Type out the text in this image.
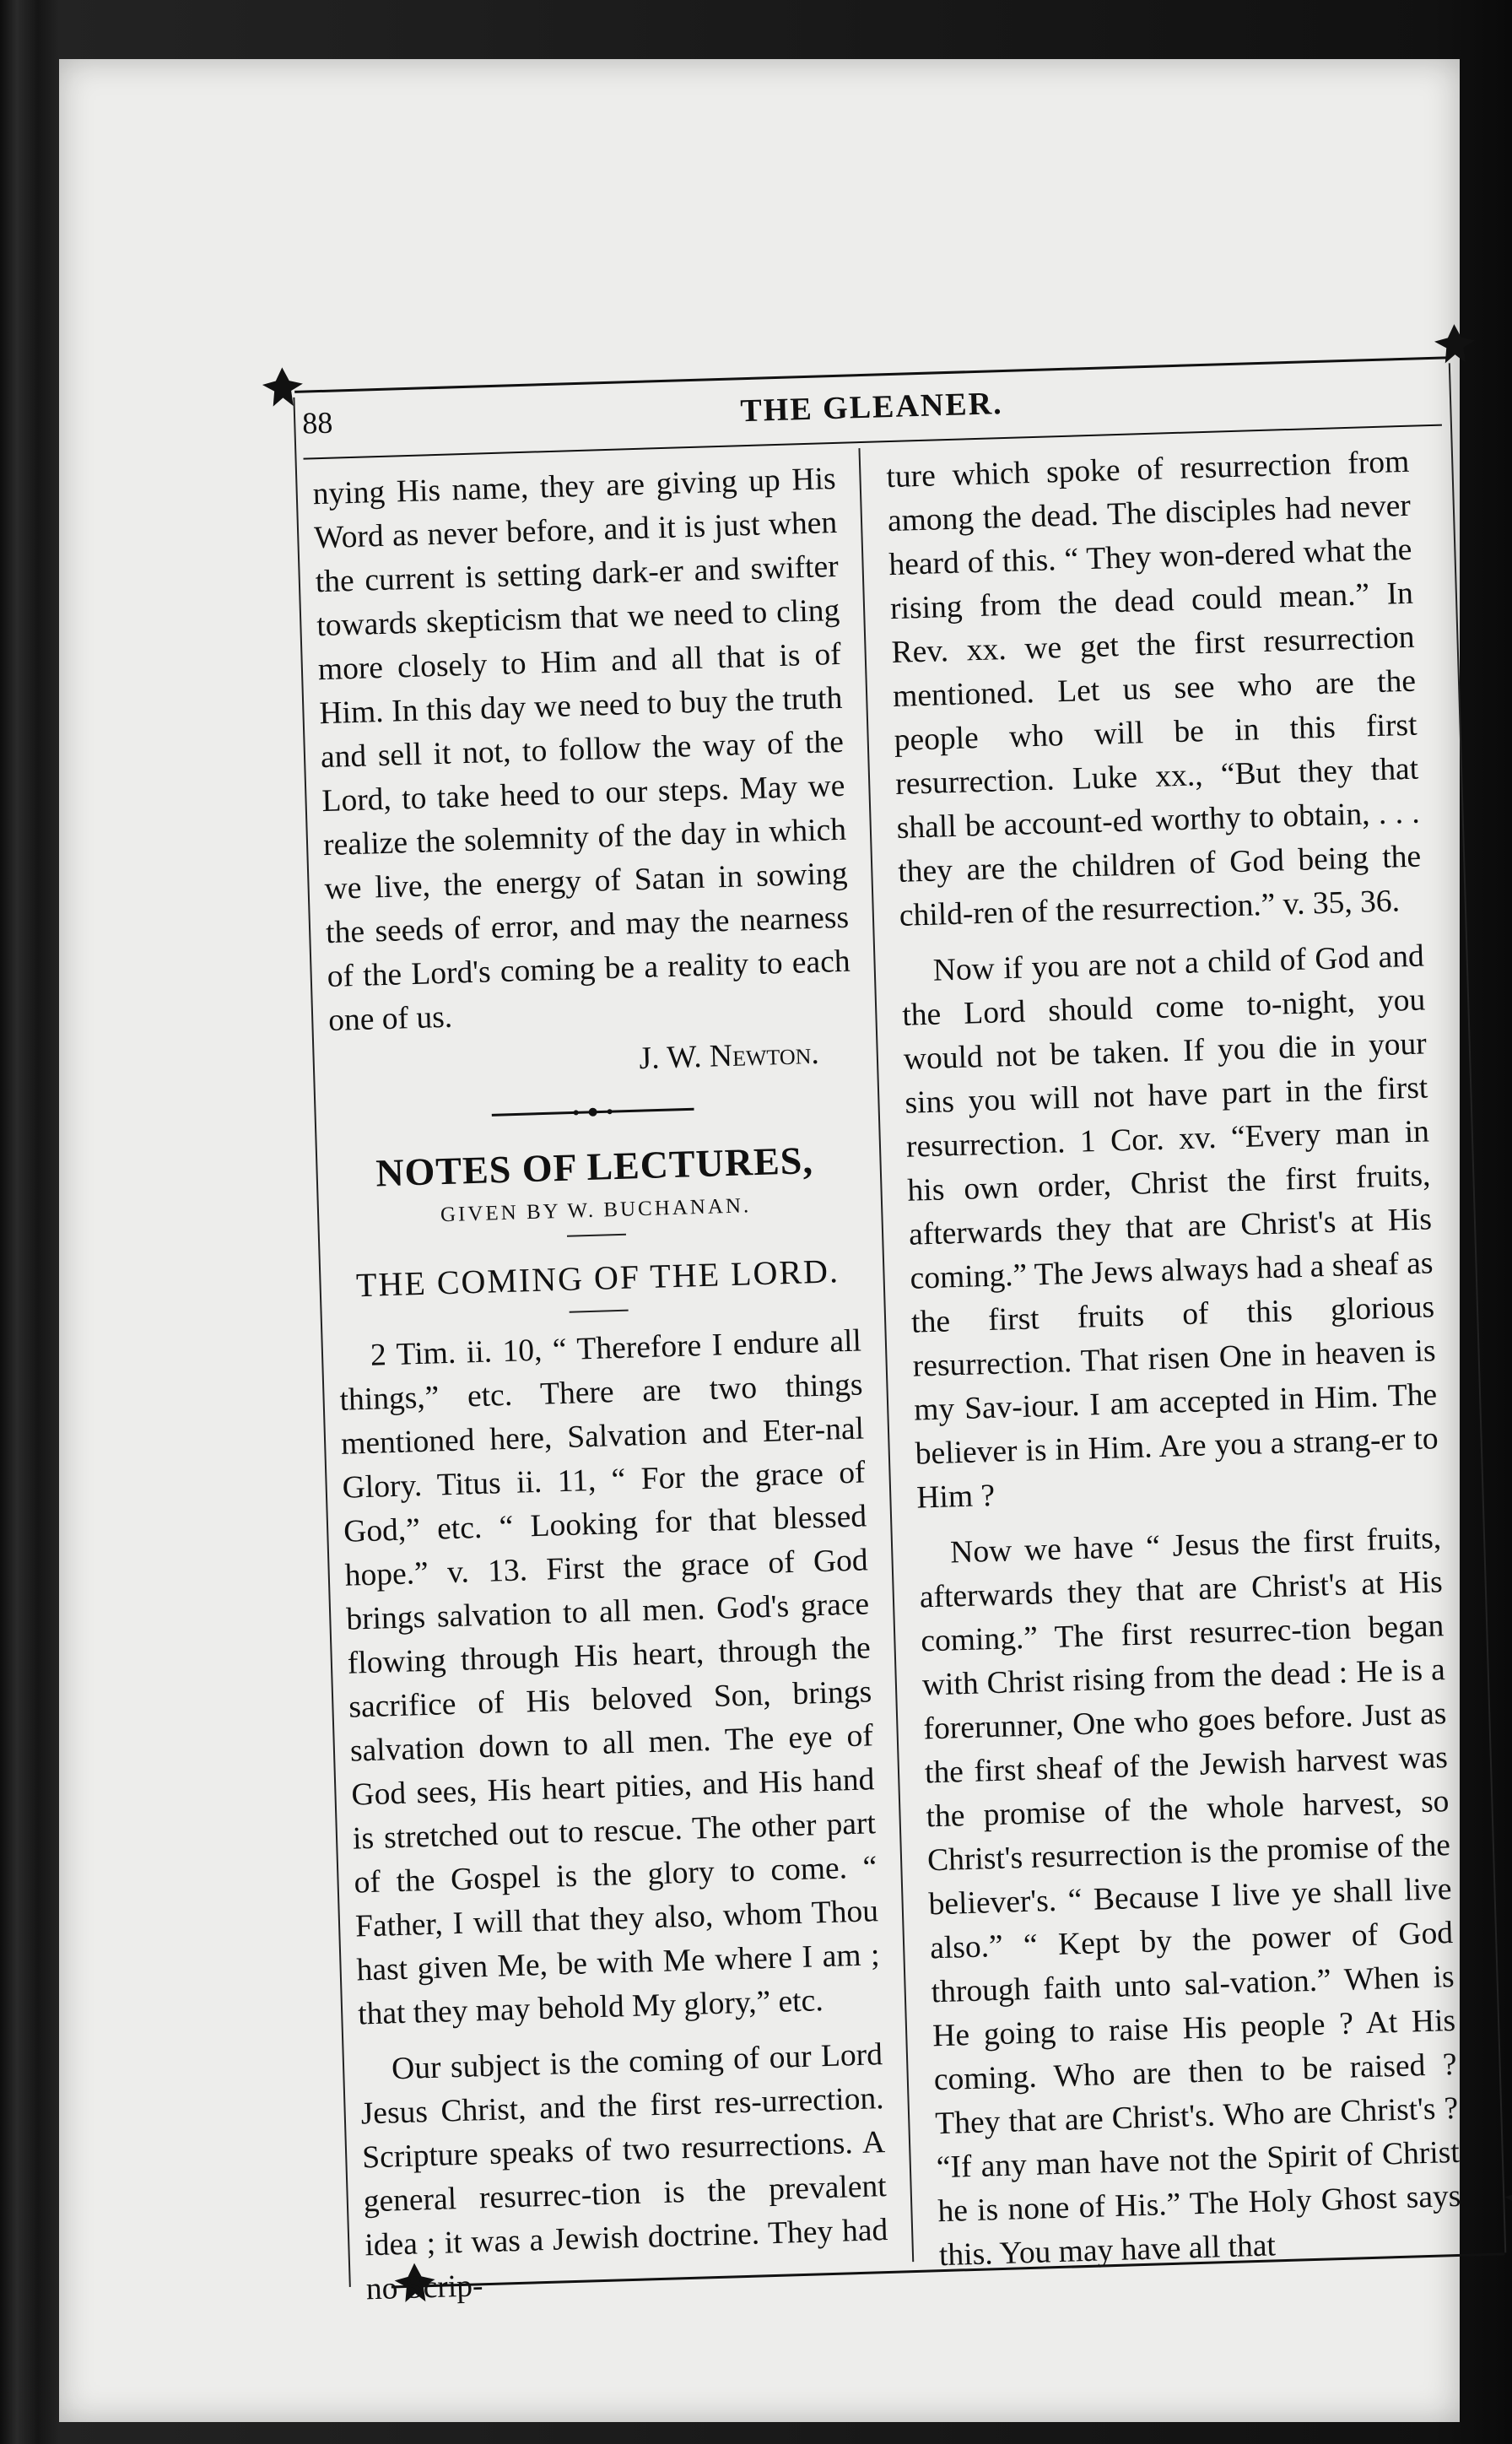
88	THE GLEANER.

nying His name, they are giving up His Word as never before, and it is just when the current is setting dark-er and swifter towards skepticism that we need to cling more closely to Him and all that is of Him. In this day we need to buy the truth and sell it not, to follow the way of the Lord, to take heed to our steps. May we realize the solemnity of the day in which we live, the energy of Satan in sowing the seeds of error, and may the nearness of the Lord's coming be a reality to each one of us.

J. W. Newton.

NOTES OF LECTURES,
GIVEN BY W. BUCHANAN.
THE COMING OF THE LORD.

2 Tim. ii. 10, “ Therefore I endure all things,” etc. There are two things mentioned here, Salvation and Eter-nal Glory. Titus ii. 11, “ For the grace of God,” etc. “ Looking for that blessed hope.” v. 13. First the grace of God brings salvation to all men. God's grace flowing through His heart, through the sacrifice of His beloved Son, brings salvation down to all men. The eye of God sees, His heart pities, and His hand is stretched out to rescue. The other part of the Gospel is the glory to come. “ Father, I will that they also, whom Thou hast given Me, be with Me where I am ; that they may behold My glory,” etc.

Our subject is the coming of our Lord Jesus Christ, and the first res-urrection. Scripture speaks of two resurrections. A general resurrec-tion is the prevalent idea ; it was a Jewish doctrine. They had no Scrip-

ture which spoke of resurrection from among the dead. The disciples had never heard of this. “ They won-dered what the rising from the dead could mean.” In Rev. xx. we get the first resurrection mentioned. Let us see who are the people who will be in this first resurrection. Luke xx., “But they that shall be account-ed worthy to obtain, . . . they are the children of God being the child-ren of the resurrection.” v. 35, 36.

Now if you are not a child of God and the Lord should come to-night, you would not be taken. If you die in your sins you will not have part in the first resurrection. 1 Cor. xv. “Every man in his own order, Christ the first fruits, afterwards they that are Christ's at His coming.” The Jews always had a sheaf as the first fruits of this glorious resurrection. That risen One in heaven is my Sav-iour. I am accepted in Him. The believer is in Him. Are you a strang-er to Him ?

Now we have “ Jesus the first fruits, afterwards they that are Christ's at His coming.” The first resurrec-tion began with Christ rising from the dead : He is a forerunner, One who goes before. Just as the first sheaf of the Jewish harvest was the promise of the whole harvest, so Christ's resurrection is the promise of the believer's. “ Because I live ye shall live also.” “ Kept by the power of God through faith unto sal-vation.” When is He going to raise His people ? At His coming. Who are then to be raised ? They that are Christ's. Who are Christ's ? “If any man have not the Spirit of Christ he is none of His.” The Holy Ghost says this. You may have all that
